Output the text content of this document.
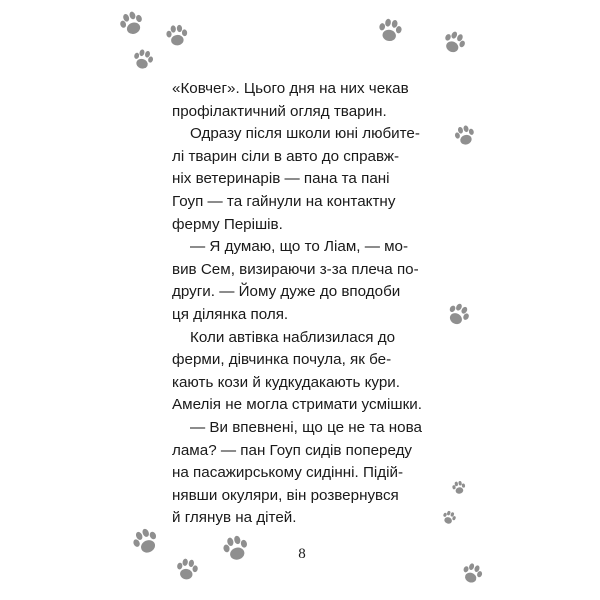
«Ковчег». Цього дня на них чекав
профілактичний огляд тварин.
Одразу після школи юні любите-
лі тварин сіли в авто до справж-
ніх ветеринарів — пана та пані
Гоуп — та гайнули на контактну
ферму Перішів.
— Я думаю, що то Ліам, — мо-
вив Сем, визираючи з-за плеча по-
други. — Йому дуже до вподоби
ця ділянка поля.
Коли автівка наблизилася до
ферми, дівчинка почула, як бе-
кають кози й кудкудакають кури.
Амелія не могла стримати усмішки.
— Ви впевнені, що це не та нова
лама? — пан Гоуп сидів попереду
на пасажирському сидінні. Підій-
нявши окуляри, він розвернувся
й глянув на дітей.
8
